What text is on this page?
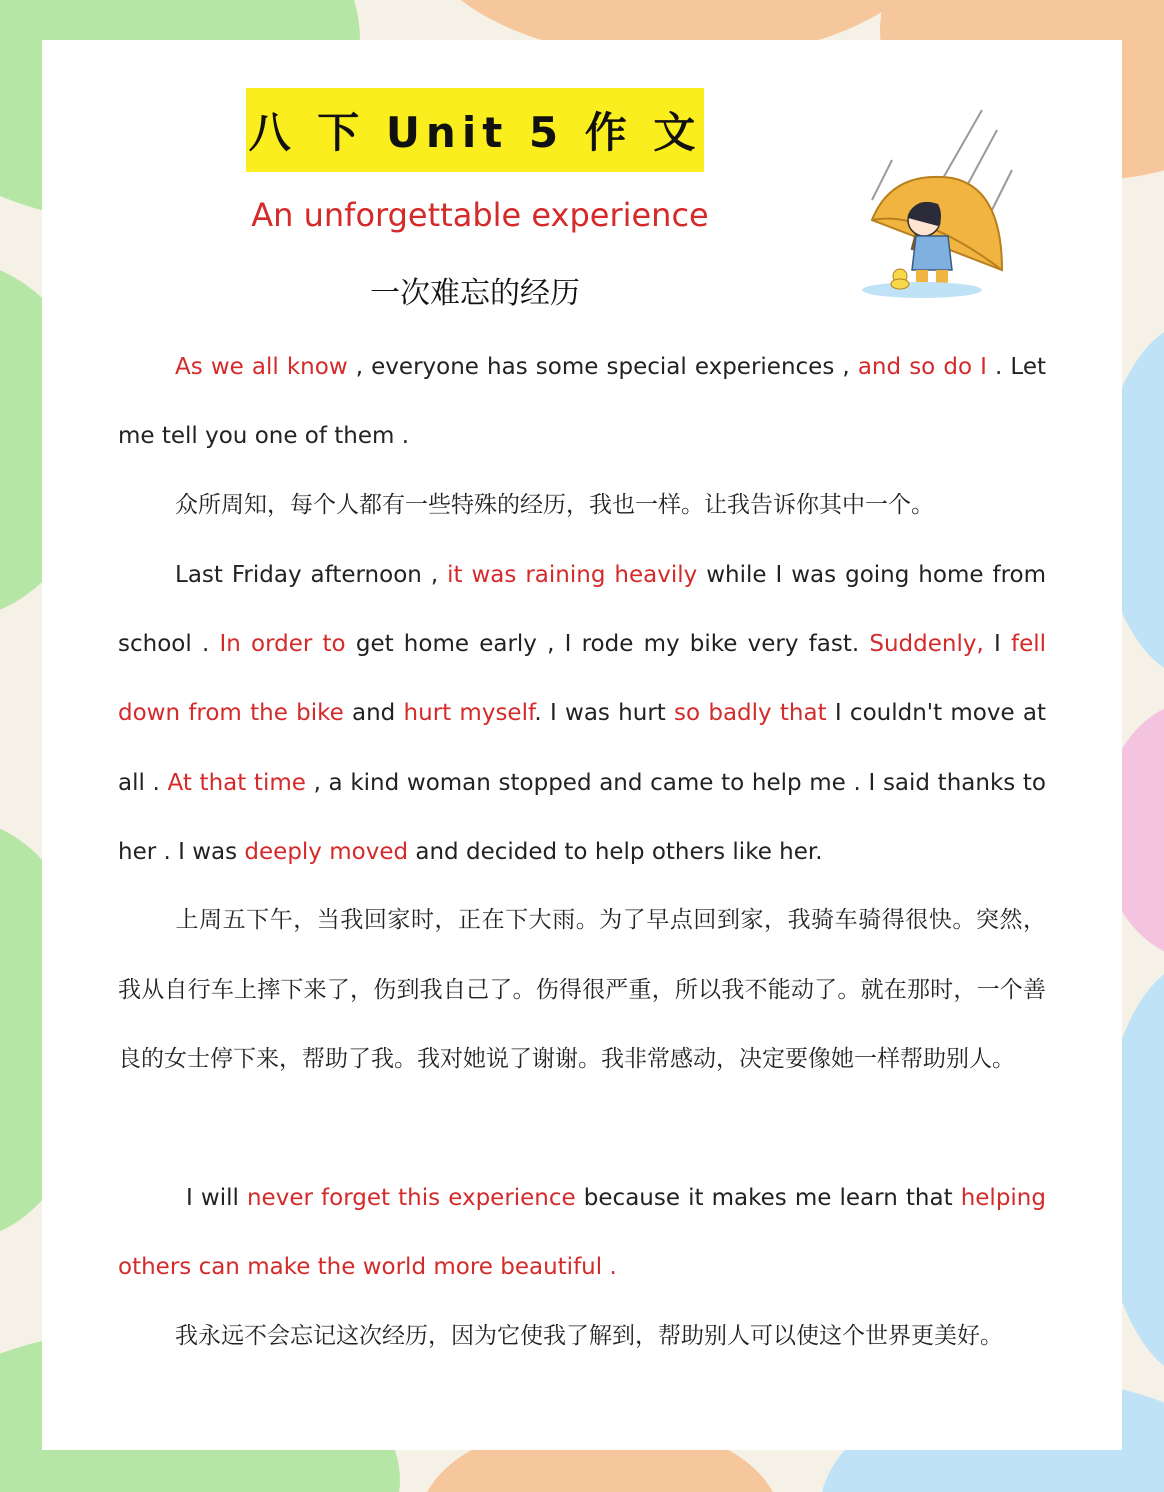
八 下 Unit 5 作 文
An unforgettable experience
一次难忘的经历
As we all know , everyone has some special experiences , and so do I . Let me tell you one of them .
众所周知，每个人都有一些特殊的经历，我也一样。让我告诉你其中一个。
Last Friday afternoon , it was raining heavily while I was going home from school . In order to get home early , I rode my bike very fast. Suddenly, I fell down from the bike and hurt myself. I was hurt so badly that I couldn't move at all . At that time , a kind woman stopped and came to help me . I said thanks to her . I was deeply moved and decided to help others like her.
上周五下午，当我回家时，正在下大雨。为了早点回到家，我骑车骑得很快。突然，我从自行车上摔下来了，伤到我自己了。伤得很严重，所以我不能动了。就在那时，一个善良的女士停下来，帮助了我。我对她说了谢谢。我非常感动，决定要像她一样帮助别人。
I will never forget this experience because it makes me learn that helping others can make the world more beautiful .
我永远不会忘记这次经历，因为它使我了解到，帮助别人可以使这个世界更美好。
